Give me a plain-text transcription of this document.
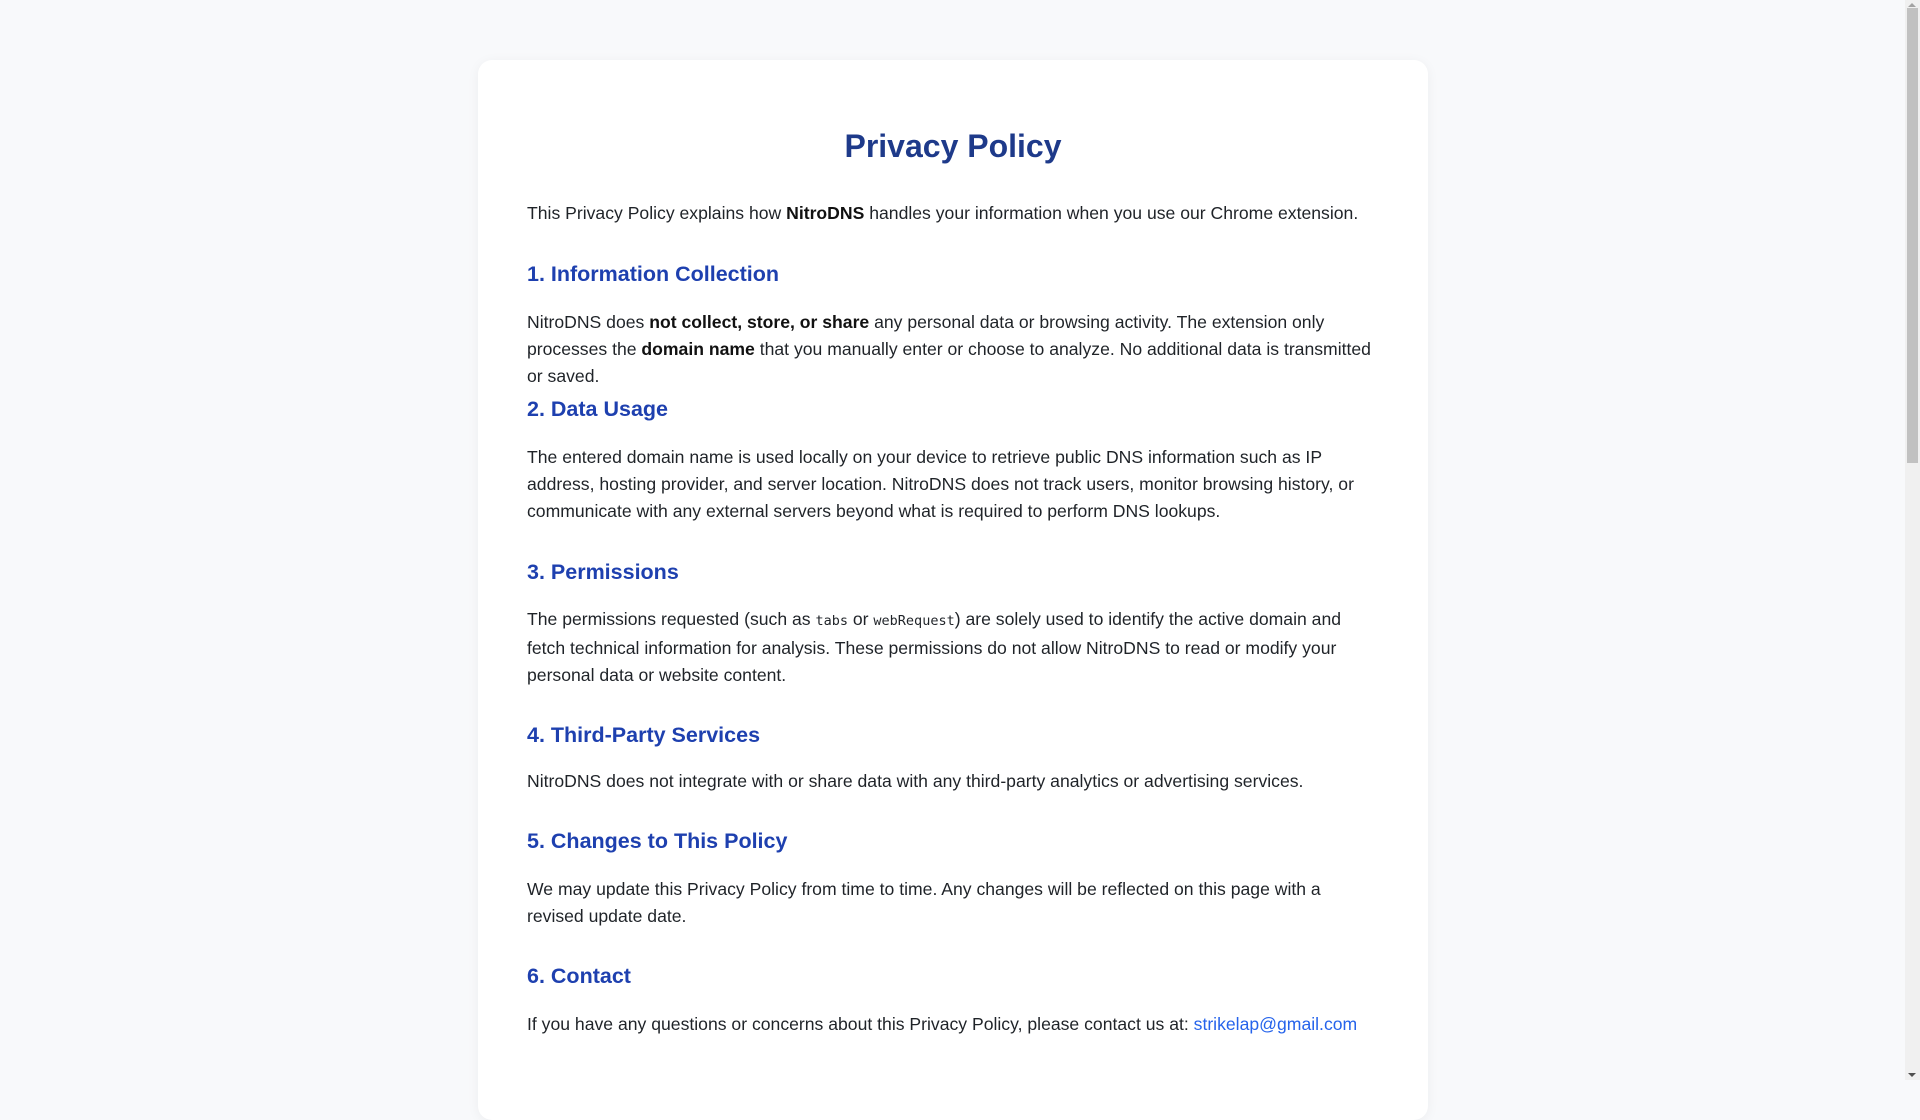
Privacy Policy

This Privacy Policy explains how NitroDNS handles your information when you use our Chrome extension.

1. Information Collection

NitroDNS does not collect, store, or share any personal data or browsing activity. The extension only processes the domain name that you manually enter or choose to analyze. No additional data is transmitted or saved.

2. Data Usage

The entered domain name is used locally on your device to retrieve public DNS information such as IP address, hosting provider, and server location. NitroDNS does not track users, monitor browsing history, or communicate with any external servers beyond what is required to perform DNS lookups.

3. Permissions

The permissions requested (such as tabs or webRequest) are solely used to identify the active domain and fetch technical information for analysis. These permissions do not allow NitroDNS to read or modify your personal data or website content.

4. Third-Party Services

NitroDNS does not integrate with or share data with any third-party analytics or advertising services.

5. Changes to This Policy

We may update this Privacy Policy from time to time. Any changes will be reflected on this page with a revised update date.

6. Contact

If you have any questions or concerns about this Privacy Policy, please contact us at: strikelap@gmail.com
